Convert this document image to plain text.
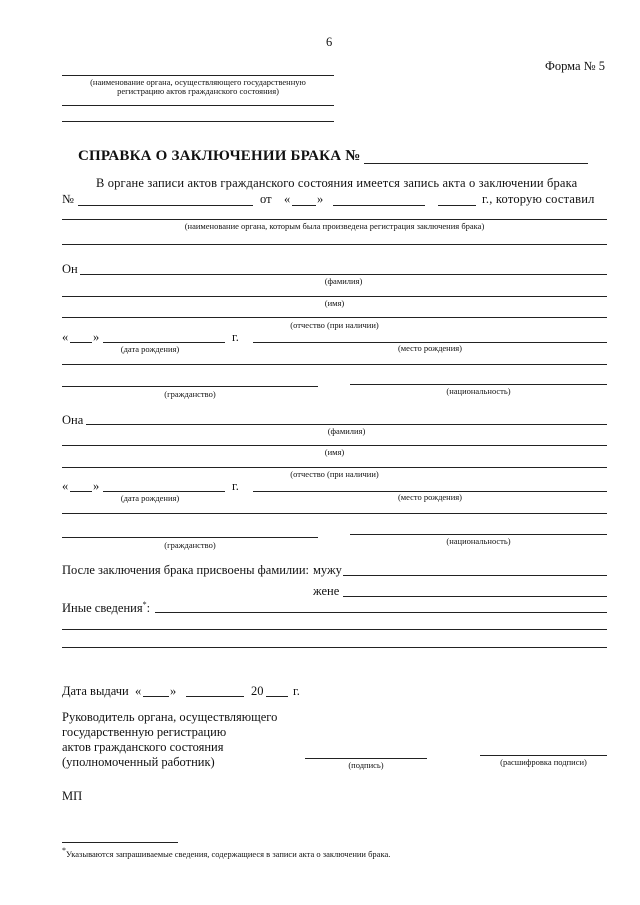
6
Форма № 5
(наименование органа, осуществляющего государственную
регистрацию актов гражданского состояния)
СПРАВКА О ЗАКЛЮЧЕНИИ БРАКА №
В органе записи актов гражданского состояния имеется запись акта о заключении брака
№	от « »	г., которую составил
(наименование органа, которым была произведена регистрация заключения брака)
Он
(фамилия)
(имя)
(отчество (при наличии)
« »	г.
(дата рождения)	(место рождения)
(гражданство)	(национальность)
Она
(фамилия)
(имя)
(отчество (при наличии)
« »	г.
(дата рождения)	(место рождения)
(гражданство)	(национальность)
После заключения брака присвоены фамилии: мужу
жене
Иные сведения*:
Дата выдачи « »	20 г.
Руководитель органа, осуществляющего
государственную регистрацию
актов гражданского состояния
(уполномоченный работник)	(подпись)	(расшифровка подписи)
МП
*Указываются запрашиваемые сведения, содержащиеся в записи акта о заключении брака.
